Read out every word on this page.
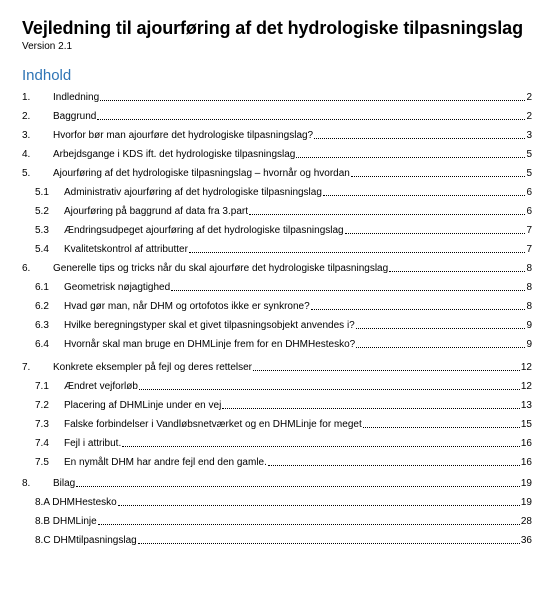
Vejledning til ajourføring af det hydrologiske tilpasningslag
Version 2.1
Indhold
1.	Indledning	2
2.	Baggrund	2
3.	Hvorfor bør man ajourføre det hydrologiske tilpasningslag?	3
4.	Arbejdsgange i KDS ift. det hydrologiske tilpasningslag	5
5.	Ajourføring af det hydrologiske tilpasningslag – hvornår og hvordan	5
5.1	Administrativ ajourføring af det hydrologiske tilpasningslag	6
5.2	Ajourføring på baggrund af data fra 3.part	6
5.3	Ændringsudpeget ajourføring af det hydrologiske tilpasningslag	7
5.4	Kvalitetskontrol af attributter	7
6.	Generelle tips og tricks når du skal ajourføre det hydrologiske tilpasningslag	8
6.1	Geometrisk nøjagtighed	8
6.2	Hvad gør man, når DHM og ortofotos ikke er synkrone?	8
6.3	Hvilke beregningstyper skal et givet tilpasningsobjekt anvendes i?	9
6.4	Hvornår skal man bruge en DHMLinje frem for en DHMHestesko?	9
7.	Konkrete eksempler på fejl og deres rettelser	12
7.1	Ændret vejforløb	12
7.2	Placering af DHMLinje under en vej	13
7.3	Falske forbindelser i Vandløbsnetværket og en DHMLinje for meget	15
7.4	Fejl i attribut.	16
7.5	En nymålt DHM har andre fejl end den gamle.	16
8.	Bilag	19
8.A DHMHestesko	19
8.B DHMLinje	28
8.C DHMtilpasningslag	36
